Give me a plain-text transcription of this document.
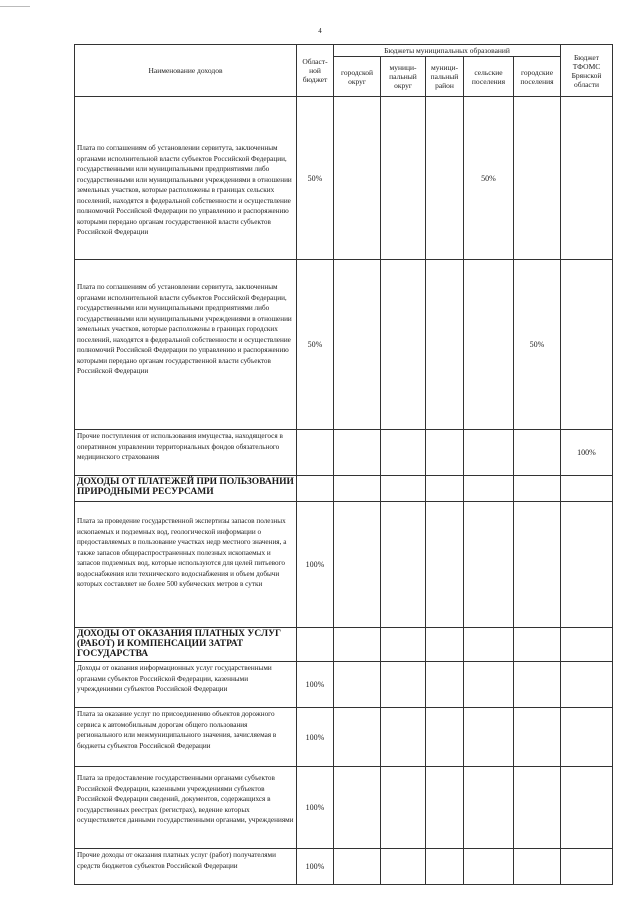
4
Наименование доходов	Област-ной бюджет	Бюджеты муниципальных образований					Бюджет ТФОМС Брянской области
		городской округ	муници-пальный округ	муници-пальный район	сельские поселения	городские поселения	
Плата по соглашениям об установлении сервитута, заключенным органами исполнительной власти субъектов Российской Федерации, государственными или муниципальными предприятиями либо государственными или муниципальными учреждениями в отношении земельных участков, которые расположены в границах сельских поселений, находятся в федеральной собственности и осуществление полномочий Российской Федерации по управлению и распоряжению которыми передано органам государственной власти субъектов Российской Федерации	50%				50%		
Плата по соглашениям об установлении сервитута, заключенным органами исполнительной власти субъектов Российской Федерации, государственными или муниципальными предприятиями либо государственными или муниципальными учреждениями в отношении земельных участков, которые расположены в границах городских поселений, находятся в федеральной собственности и осуществление полномочий Российской Федерации по управлению и распоряжению которыми передано органам государственной власти субъектов Российской Федерации	50%					50%	
Прочие поступления от использования имущества, находящегося в оперативном управлении территориальных фондов обязательного медицинского страхования							100%
ДОХОДЫ ОТ ПЛАТЕЖЕЙ ПРИ ПОЛЬЗОВАНИИ ПРИРОДНЫМИ РЕСУРСАМИ							
Плата за проведение государственной экспертизы запасов полезных ископаемых и подземных вод, геологической информации о предоставляемых в пользование участках недр местного значения, а также запасов общераспространенных полезных ископаемых и запасов подземных вод, которые используются для целей питьевого водоснабжения или технического водоснабжения и объем добычи которых составляет не более 500 кубических метров в сутки	100%						
ДОХОДЫ ОТ ОКАЗАНИЯ ПЛАТНЫХ УСЛУГ (РАБОТ) И КОМПЕНСАЦИИ ЗАТРАТ ГОСУДАРСТВА							
Доходы от оказания информационных услуг государственными органами субъектов Российской Федерации, казенными учреждениями субъектов Российской Федерации	100%						
Плата за оказание услуг по присоединению объектов дорожного сервиса к автомобильным дорогам общего пользования регионального или межмуниципального значения, зачисляемая в бюджеты субъектов Российской Федерации	100%						
Плата за предоставление государственными органами субъектов Российской Федерации, казенными учреждениями субъектов Российской Федерации сведений, документов, содержащихся в государственных реестрах (регистрах), ведение которых осуществляется данными государственными органами, учреждениями	100%						
Прочие доходы от оказания платных услуг (работ) получателями средств бюджетов субъектов Российской Федерации	100%						
